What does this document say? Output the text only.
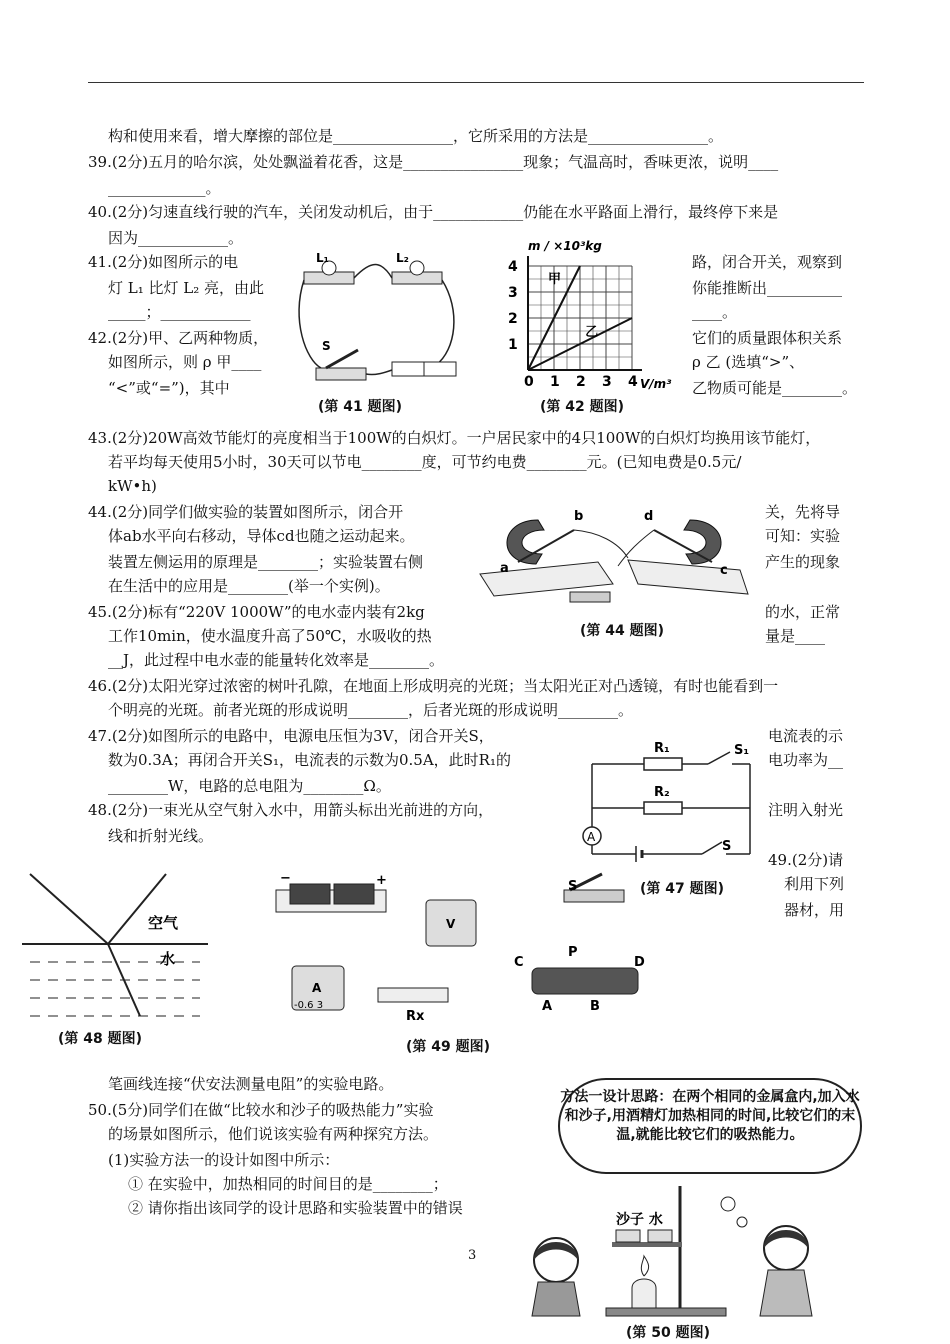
构和使用来看，增大摩擦的部位是________________，它所采用的方法是________________。
39.(2分)五月的哈尔滨，处处飘溢着花香，这是________________现象；气温高时，香味更浓，说明____
_____________。
40.(2分)匀速直线行驶的汽车，关闭发动机后，由于____________仍能在水平路面上滑行，最终停下来是
因为____________。
41.(2分)如图所示的电
灯 L₁ 比灯 L₂ 亮，由此
_____；____________
路，闭合开关，观察到
你能推断出__________
____。
42.(2分)甲、乙两种物质，
如图所示，则 ρ 甲____
“<”或“=”)，其中
它们的质量跟体积关系
ρ 乙 (选填“>”、
乙物质可能是________。
43.(2分)20W高效节能灯的亮度相当于100W的白炽灯。一户居民家中的4只100W的白炽灯均换用该节能灯，
若平均每天使用5小时，30天可以节电________度，可节约电费________元。(已知电费是0.5元/
kW•h)
44.(2分)同学们做实验的装置如图所示，闭合开
体ab水平向右移动，导体cd也随之运动起来。
装置左侧运用的原理是________；实验装置右侧
在生活中的应用是________(举一个实例)。
关，先将导
可知：实验
产生的现象
45.(2分)标有“220V 1000W”的电水壶内装有2kg
工作10min，使水温度升高了50℃，水吸收的热
__J，此过程中电水壶的能量转化效率是________。
的水，正常
量是____
46.(2分)太阳光穿过浓密的树叶孔隙，在地面上形成明亮的光斑；当太阳光正对凸透镜，有时也能看到一
个明亮的光斑。前者光斑的形成说明________，后者光斑的形成说明________。
47.(2分)如图所示的电路中，电源电压恒为3V，闭合开关S，
数为0.3A；再闭合开关S₁，电流表的示数为0.5A，此时R₁的
________W，电路的总电阻为________Ω。
电流表的示
电功率为__
48.(2分)一束光从空气射入水中，用箭头标出光前进的方向，
线和折射光线。
注明入射光
49.(2分)请
利用下列
器材，用
笔画线连接“伏安法测量电阻”的实验电路。
50.(5分)同学们在做“比较水和沙子的吸热能力”实验
的场景如图所示，他们说该实验有两种探究方法。
(1)实验方法一的设计如图中所示：
① 在实验中，加热相同的时间目的是________；
② 请你指出该同学的设计思路和实验装置中的错误
L₁	L₂
S
(第 41 题图)
0 1 2 3 4
4
3
2
1
甲
乙
m / ×10³kg
V/m³
(第 42 题图)
a
b
c
d
(第 44 题图)
A
R₁
R₂
S₁
S
(第 47 题图)
空气
水
(第 48 题图)
−	+
V
A
-0.6 3
Rx
S
C
P
D
A	B
(第 49 题图)
方法一设计思路：在两个相同的金属盒内,加入水和沙子,用酒精灯加热相同的时间,比较它们的末温,就能比较它们的吸热能力。
沙子 水
(第 50 题图)
3
